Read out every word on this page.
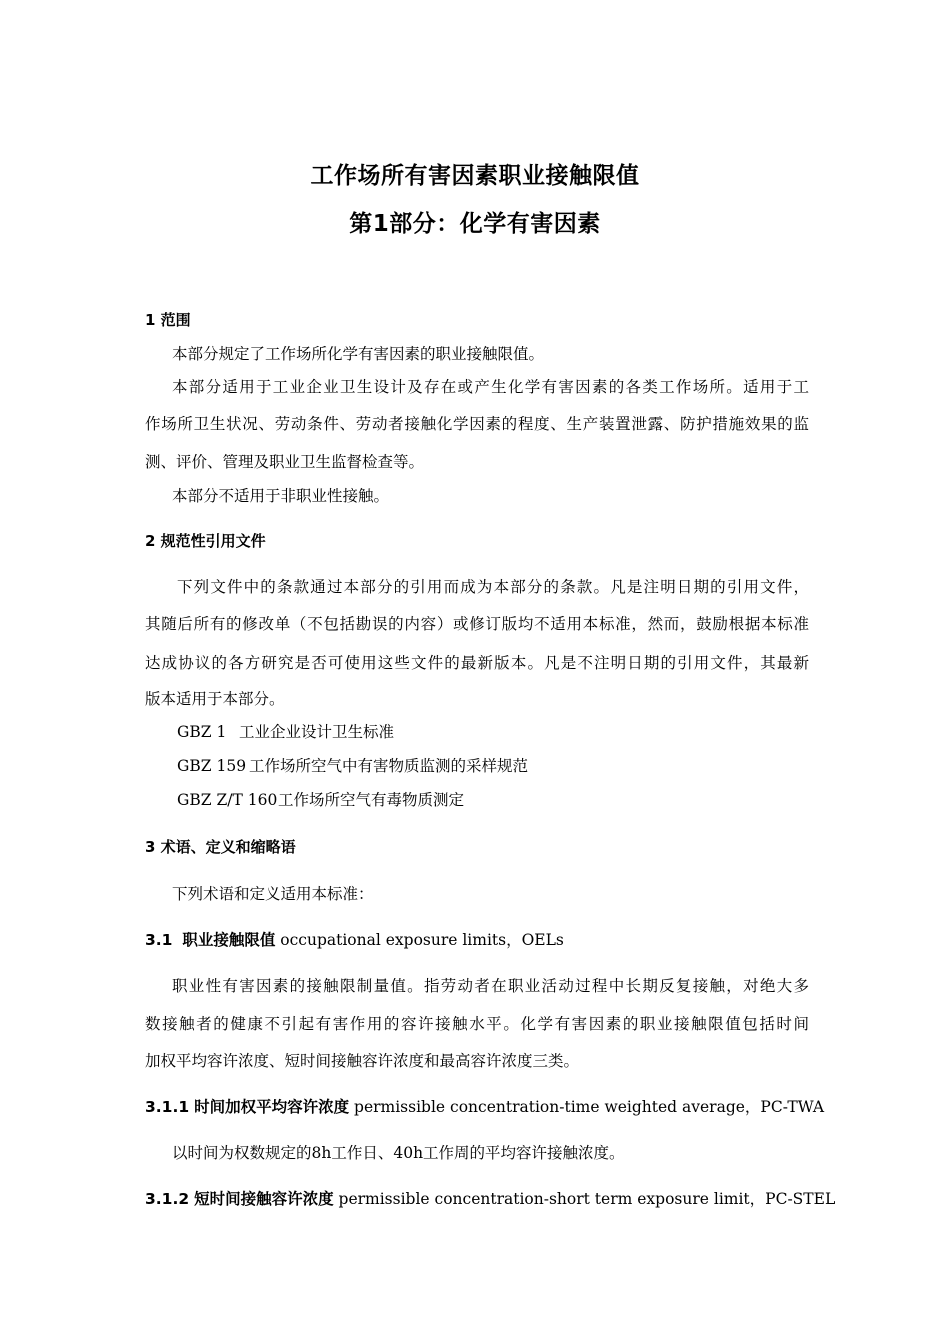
工作场所有害因素职业接触限值
第1部分：化学有害因素
1 范围
本部分规定了工作场所化学有害因素的职业接触限值。
本部分适用于工业企业卫生设计及存在或产生化学有害因素的各类工作场所。适用于工
作场所卫生状况、劳动条件、劳动者接触化学因素的程度、生产装置泄露、防护措施效果的监
测、评价、管理及职业卫生监督检查等。
本部分不适用于非职业性接触。
2 规范性引用文件
下列文件中的条款通过本部分的引用而成为本部分的条款。凡是注明日期的引用文件，
其随后所有的修改单（不包括勘误的内容）或修订版均不适用本标准，然而，鼓励根据本标准
达成协议的各方研究是否可使用这些文件的最新版本。凡是不注明日期的引用文件，其最新
版本适用于本部分。
GBZ 1 工业企业设计卫生标准
GBZ 159 工作场所空气中有害物质监测的采样规范
GBZ Z/T 160工作场所空气有毒物质测定
3 术语、定义和缩略语
下列术语和定义适用本标准：
3.1 职业接触限值 occupational exposure limits，OELs
职业性有害因素的接触限制量值。指劳动者在职业活动过程中长期反复接触，对绝大多
数接触者的健康不引起有害作用的容许接触水平。化学有害因素的职业接触限值包括时间
加权平均容许浓度、短时间接触容许浓度和最高容许浓度三类。
3.1.1 时间加权平均容许浓度 permissible concentration-time weighted average，PC-TWA
以时间为权数规定的8h工作日、40h工作周的平均容许接触浓度。
3.1.2 短时间接触容许浓度 permissible concentration-short term exposure limit，PC-STEL
